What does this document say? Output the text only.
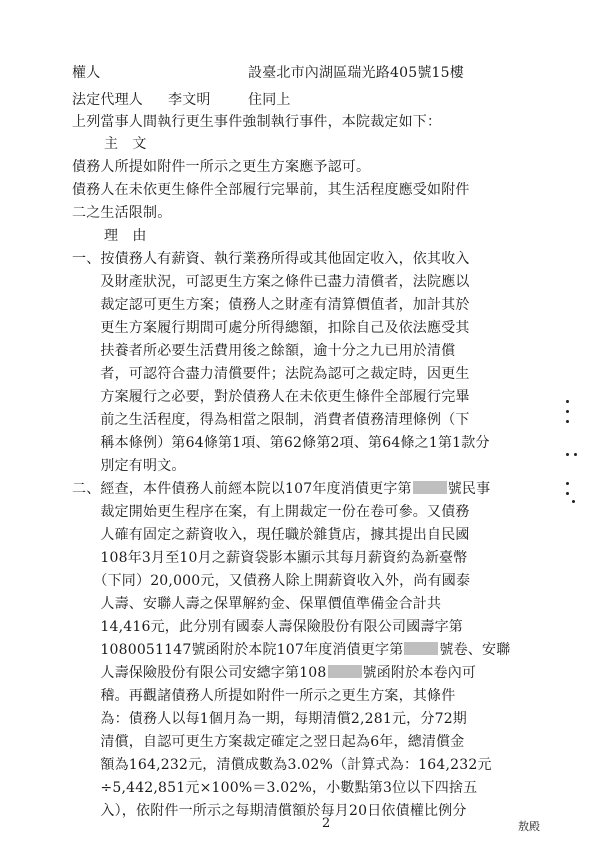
權人	設臺北市內湖區瑞光路405號15樓
法定代理人 李文明	住同上
上列當事人間執行更生事件強制執行事件，本院裁定如下：
主　文
債務人所提如附件一所示之更生方案應予認可。
債務人在未依更生條件全部履行完畢前，其生活程度應受如附件
二之生活限制。
理　由
一、按債務人有薪資、執行業務所得或其他固定收入，依其收入
　　及財產狀況，可認更生方案之條件已盡力清償者，法院應以
　　裁定認可更生方案；債務人之財產有清算價值者，加計其於
　　更生方案履行期間可處分所得總額，扣除自己及依法應受其
　　扶養者所必要生活費用後之餘額，逾十分之九已用於清償
　　者，可認符合盡力清償要件；法院為認可之裁定時，因更生
　　方案履行之必要，對於債務人在未依更生條件全部履行完畢
　　前之生活程度，得為相當之限制，消費者債務清理條例（下
　　稱本條例）第64條第1項、第62條第2項、第64條之1第1款分
　　別定有明文。
二、經查，本件債務人前經本院以107年度消債更字第	號民事
　　裁定開始更生程序在案，有上開裁定一份在卷可參。又債務
　　人確有固定之薪資收入，現任職於雜貨店，據其提出自民國
　　108年3月至10月之薪資袋影本顯示其每月薪資約為新臺幣
　　（下同）20,000元，又債務人除上開薪資收入外，尚有國泰
　　人壽、安聯人壽之保單解約金、保單價值準備金合計共
　　14,416元，此分別有國泰人壽保險股份有限公司國壽字第
　　1080051147號函附於本院107年度消債更字第	號卷、安聯
　　人壽保險股份有限公司安總字第108	號函附於本卷內可
　　稽。再觀諸債務人所提如附件一所示之更生方案，其條件
　　為：債務人以每1個月為一期，每期清償2,281元，分72期
　　清償，自認可更生方案裁定確定之翌日起為6年，總清償金
　　額為164,232元，清償成數為3.02%（計算式為：164,232元
　　÷5,442,851元×100%＝3.02%，小數點第3位以下四捨五
　　入），依附件一所示之每期清償額於每月20日依債權比例分
2	敖殿
